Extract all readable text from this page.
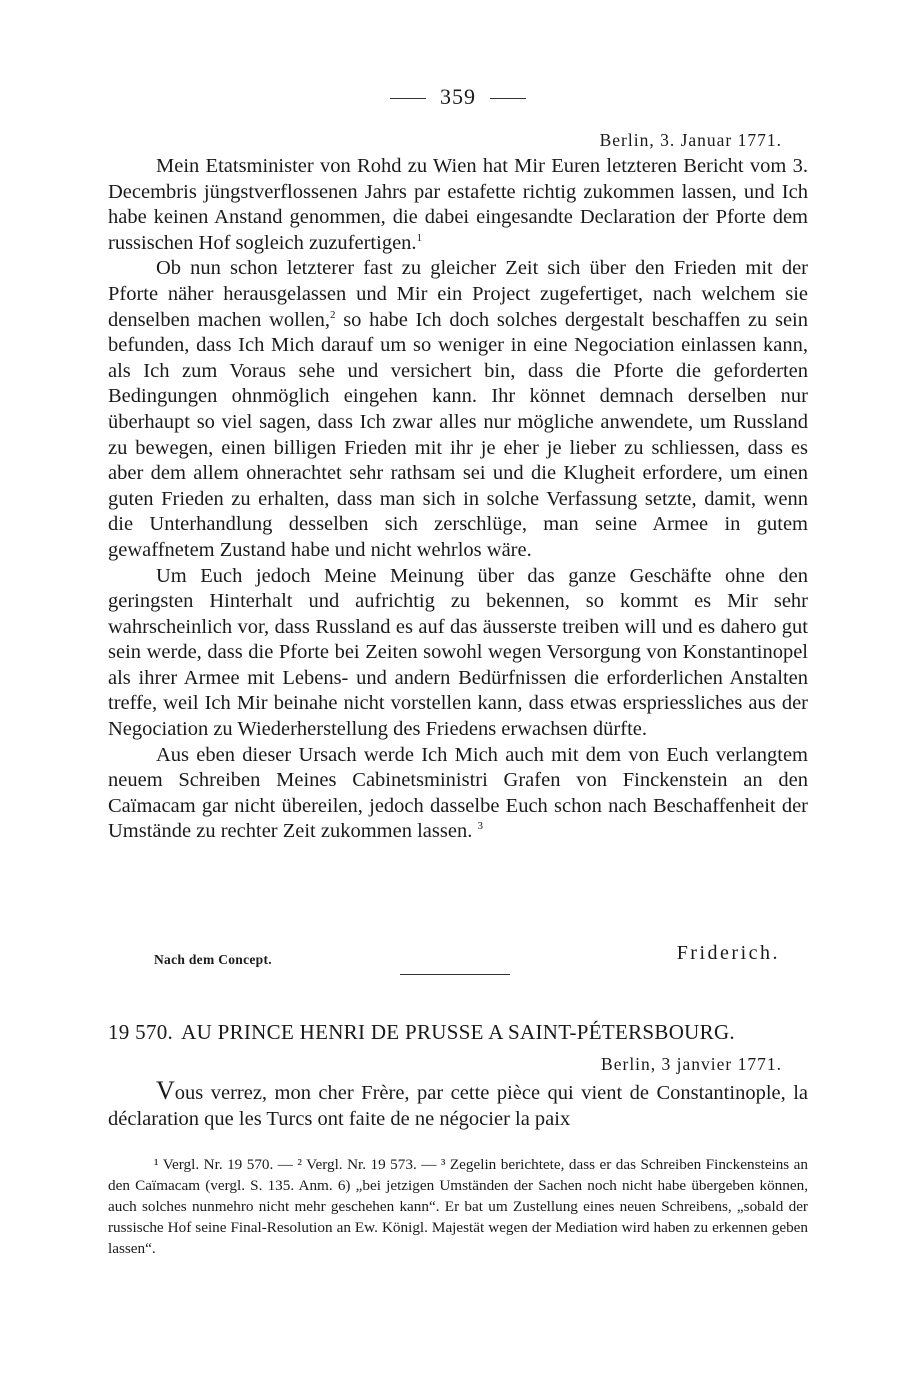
359
Berlin, 3. Januar 1771.

Mein Etatsminister von Rohd zu Wien hat Mir Euren letzteren Bericht vom 3. Decembris jüngstverflossenen Jahrs par estafette richtig zukommen lassen, und Ich habe keinen Anstand genommen, die dabei eingesandte Declaration der Pforte dem russischen Hof sogleich zuzufertigen.$^1$

Ob nun schon letzterer fast zu gleicher Zeit sich über den Frieden mit der Pforte näher herausgelassen und Mir ein Project zugefertiget, nach welchem sie denselben machen wollen,$^2$ so habe Ich doch solches dergestalt beschaffen zu sein befunden, dass Ich Mich darauf um so weniger in eine Negociation einlassen kann, als Ich zum Voraus sehe und versichert bin, dass die Pforte die geforderten Bedingungen ohnmöglich eingehen kann. Ihr könnet demnach derselben nur überhaupt so viel sagen, dass Ich zwar alles nur mögliche anwendete, um Russland zu bewegen, einen billigen Frieden mit ihr je eher je lieber zu schliessen, dass es aber dem allem ohnerachtet sehr rathsam sei und die Klugheit erfordere, um einen guten Frieden zu erhalten, dass man sich in solche Verfassung setzte, damit, wenn die Unterhandlung desselben sich zerschlüge, man seine Armee in gutem gewaffnetem Zustand habe und nicht wehrlos wäre.

Um Euch jedoch Meine Meinung über das ganze Geschäfte ohne den geringsten Hinterhalt und aufrichtig zu bekennen, so kommt es Mir sehr wahrscheinlich vor, dass Russland es auf das äusserste treiben will und es dahero gut sein werde, dass die Pforte bei Zeiten sowohl wegen Versorgung von Konstantinopel als ihrer Armee mit Lebens- und andern Bedürfnissen die erforderlichen Anstalten treffe, weil Ich Mir beinahe nicht vorstellen kann, dass etwas erspriessliches aus der Negociation zu Wiederherstellung des Friedens erwachsen dürfte.

Aus eben dieser Ursach werde Ich Mich auch mit dem von Euch verlangtem neuem Schreiben Meines Cabinetsministri Grafen von Finckenstein an den Caïmacam gar nicht übereilen, jedoch dasselbe Euch schon nach Beschaffenheit der Umstände zu rechter Zeit zukommen lassen. $^3$

Nach dem Concept.	Friderich.
19 570. AU PRINCE HENRI DE PRUSSE A SAINT-PÉTERSBOURG.
Berlin, 3 janvier 1771.

Vous verrez, mon cher Frère, par cette pièce qui vient de Constantinople, la déclaration que les Turcs ont faite de ne négocier la paix

¹ Vergl. Nr. 19 570. — ² Vergl. Nr. 19 573. — ³ Zegelin berichtete, dass er das Schreiben Finckensteins an den Caïmacam (vergl. S. 135. Anm. 6) „bei jetzigen Umständen der Sachen noch nicht habe übergeben können, auch solches nunmehro nicht mehr geschehen kann“. Er bat um Zustellung eines neuen Schreibens, „sobald der russische Hof seine Final-Resolution an Ew. Königl. Majestät wegen der Mediation wird haben zu erkennen geben lassen“.
